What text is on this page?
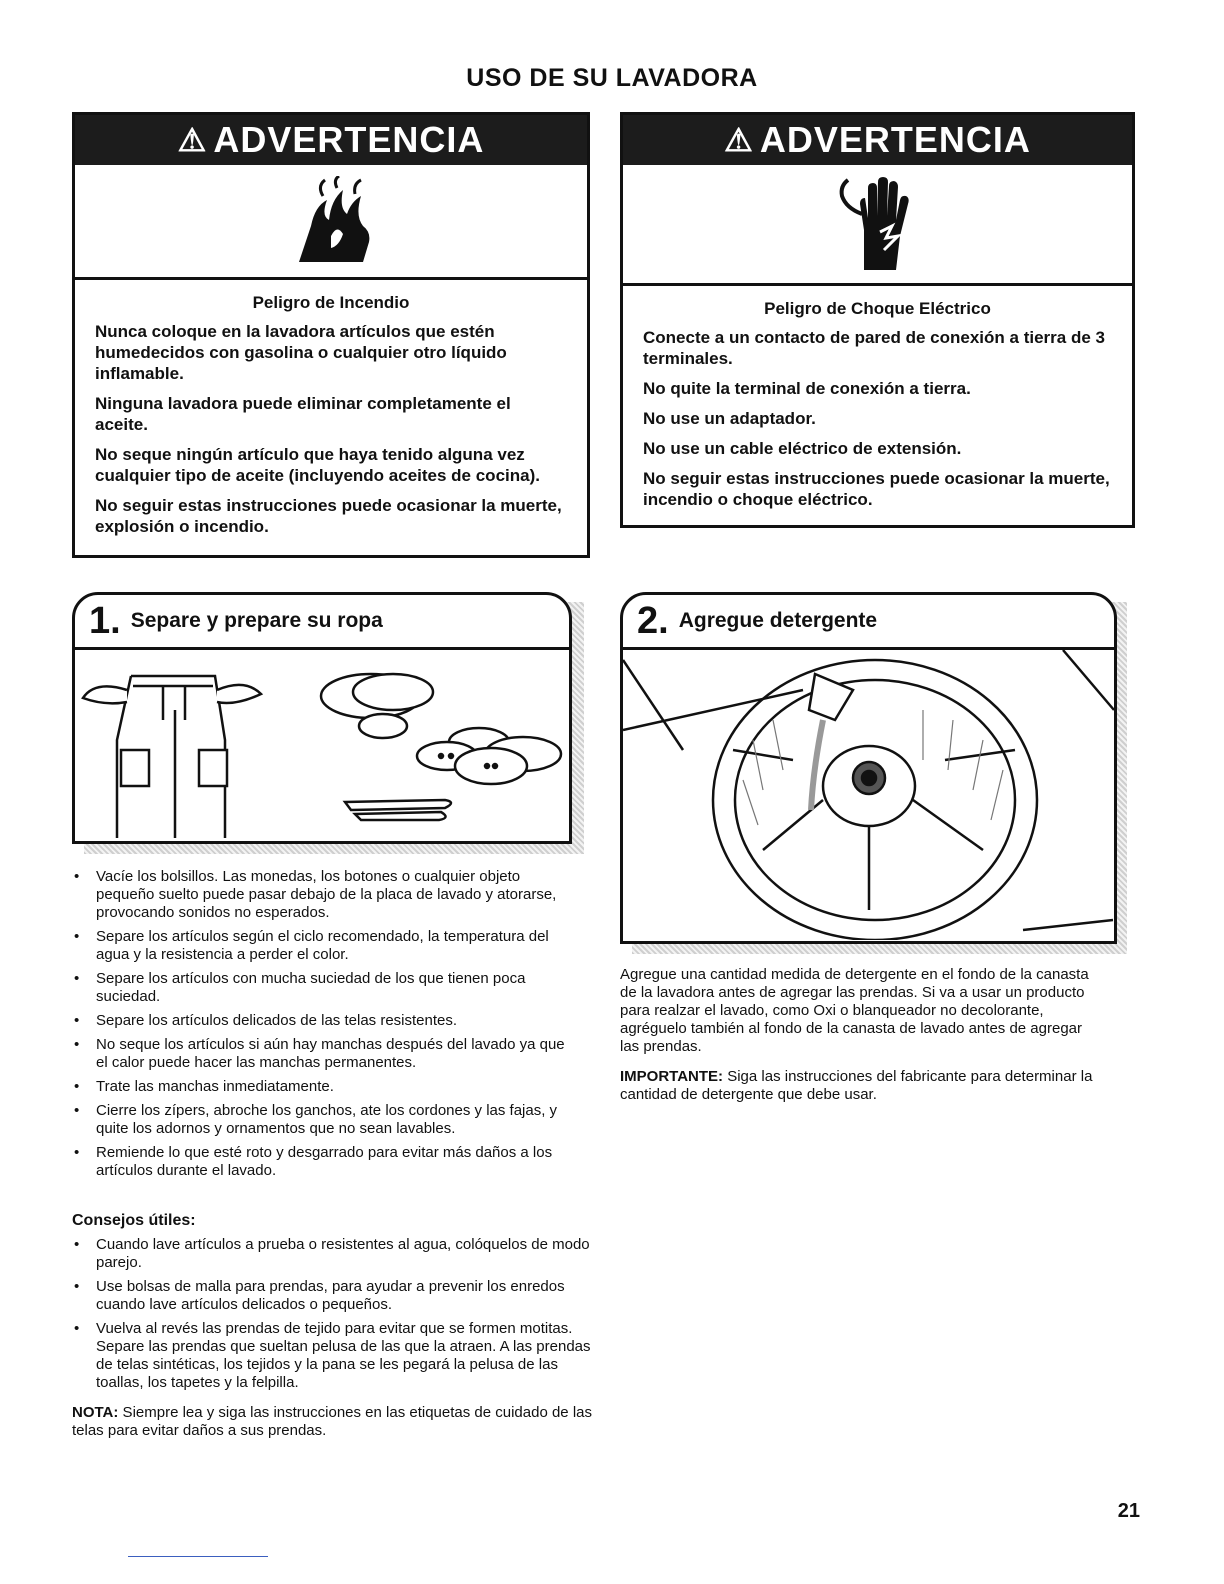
USO DE SU LAVADORA
⚠ ADVERTENCIA
Peligro de Incendio

Nunca coloque en la lavadora artículos que estén humedecidos con gasolina o cualquier otro líquido inflamable.

Ninguna lavadora puede eliminar completamente el aceite.

No seque ningún artículo que haya tenido alguna vez cualquier tipo de aceite (incluyendo aceites de cocina).

No seguir estas instrucciones puede ocasionar la muerte, explosión o incendio.

⚠ ADVERTENCIA
Peligro de Choque Eléctrico

Conecte a un contacto de pared de conexión a tierra de 3 terminales.

No quite la terminal de conexión a tierra.

No use un adaptador.

No use un cable eléctrico de extensión.

No seguir estas instrucciones puede ocasionar la muerte, incendio o choque eléctrico.

1. Separe y prepare su ropa	2. Agregue detergente
• Vacíe los bolsillos. Las monedas, los botones o cualquier objeto pequeño suelto puede pasar debajo de la placa de lavado y atorarse, provocando sonidos no esperados.
• Separe los artículos según el ciclo recomendado, la temperatura del agua y la resistencia a perder el color.
• Separe los artículos con mucha suciedad de los que tienen poca suciedad.
• Separe los artículos delicados de las telas resistentes.
• No seque los artículos si aún hay manchas después del lavado ya que el calor puede hacer las manchas permanentes.
• Trate las manchas inmediatamente.
• Cierre los zípers, abroche los ganchos, ate los cordones y las fajas, y quite los adornos y ornamentos que no sean lavables.
• Remiende lo que esté roto y desgarrado para evitar más daños a los artículos durante el lavado.
Consejos útiles:
• Cuando lave artículos a prueba o resistentes al agua, colóquelos de modo parejo.
• Use bolsas de malla para prendas, para ayudar a prevenir los enredos cuando lave artículos delicados o pequeños.
• Vuelva al revés las prendas de tejido para evitar que se formen motitas. Separe las prendas que sueltan pelusa de las que la atraen. A las prendas de telas sintéticas, los tejidos y la pana se les pegará la pelusa de las toallas, los tapetes y la felpilla.

NOTA: Siempre lea y siga las instrucciones en las etiquetas de cuidado de las telas para evitar daños a sus prendas.

Agregue una cantidad medida de detergente en el fondo de la canasta de la lavadora antes de agregar las prendas. Si va a usar un producto para realzar el lavado, como Oxi o blanqueador no decolorante, agréguelo también al fondo de la canasta de lavado antes de agregar las prendas.

IMPORTANTE: Siga las instrucciones del fabricante para determinar la cantidad de detergente que debe usar.

21
